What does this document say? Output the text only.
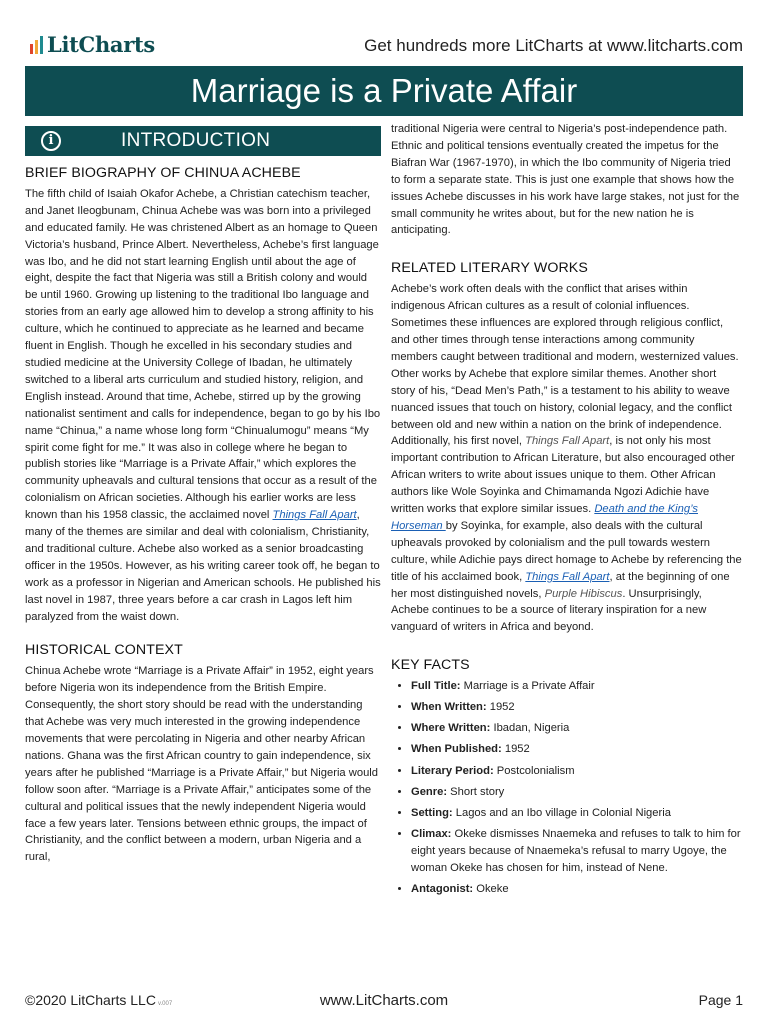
LitCharts	Get hundreds more LitCharts at www.litcharts.com
Marriage is a Private Affair
i	INTRODUCTION
BRIEF BIOGRAPHY OF CHINUA ACHEBE

The fifth child of Isaiah Okafor Achebe, a Christian catechism teacher, and Janet Ileogbunam, Chinua Achebe was was born into a privileged and educated family. He was christened Albert as an homage to Queen Victoria’s husband, Prince Albert. Nevertheless, Achebe’s first language was Ibo, and he did not start learning English until about the age of eight, despite the fact that Nigeria was still a British colony and would be until 1960. Growing up listening to the traditional Ibo language and stories from an early age allowed him to develop a strong affinity to his culture, which he continued to appreciate as he learned and became fluent in English. Though he excelled in his secondary studies and studied medicine at the University College of Ibadan, he ultimately switched to a liberal arts curriculum and studied history, religion, and English instead. Around that time, Achebe, stirred up by the growing nationalist sentiment and calls for independence, began to go by his Ibo name “Chinua,” a name whose long form “Chinualumogu” means “My spirit come fight for me.” It was also in college where he began to publish stories like “Marriage is a Private Affair,” which explores the community upheavals and cultural tensions that occur as a result of the colonialism on African societies. Although his earlier works are less known than his 1958 classic, the acclaimed novel Things Fall Apart, many of the themes are similar and deal with colonialism, Christianity, and traditional culture. Achebe also worked as a senior broadcasting officer in the 1950s. However, as his writing career took off, he began to work as a professor in Nigerian and American schools. He published his last novel in 1987, three years before a car crash in Lagos left him paralyzed from the waist down.

HISTORICAL CONTEXT

Chinua Achebe wrote “Marriage is a Private Affair” in 1952, eight years before Nigeria won its independence from the British Empire. Consequently, the short story should be read with the understanding that Achebe was very much interested in the growing independence movements that were percolating in Nigeria and other nearby African nations. Ghana was the first African country to gain independence, six years after he published “Marriage is a Private Affair,” but Nigeria would follow soon after. “Marriage is a Private Affair,” anticipates some of the cultural and political issues that the newly independent Nigeria would face a few years later. Tensions between ethnic groups, the impact of Christianity, and the conflict between a modern, urban Nigeria and a rural,

traditional Nigeria were central to Nigeria’s post-independence path. Ethnic and political tensions eventually created the impetus for the Biafran War (1967-1970), in which the Ibo community of Nigeria tried to form a separate state. This is just one example that shows how the issues Achebe discusses in his work have large stakes, not just for the small community he writes about, but for the new nation he is anticipating.

RELATED LITERARY WORKS

Achebe’s work often deals with the conflict that arises within indigenous African cultures as a result of colonial influences. Sometimes these influences are explored through religious conflict, and other times through tense interactions among community members caught between traditional and modern, westernized values. Other works by Achebe that explore similar themes. Another short story of his, “Dead Men’s Path,” is a testament to his ability to weave nuanced issues that touch on history, colonial legacy, and the conflict between old and new within a nation on the brink of independence. Additionally, his first novel, Things Fall Apart, is not only his most important contribution to African Literature, but also encouraged other African writers to write about issues unique to them. Other African authors like Wole Soyinka and Chimamanda Ngozi Adichie have written works that explore similar issues. Death and the King’s Horseman by Soyinka, for example, also deals with the cultural upheavals provoked by colonialism and the pull towards western culture, while Adichie pays direct homage to Achebe by referencing the title of his acclaimed book, Things Fall Apart, at the beginning of one her most distinguished novels, Purple Hibiscus. Unsurprisingly, Achebe continues to be a source of literary inspiration for a new vanguard of writers in Africa and beyond.

KEY FACTS
• Full Title: Marriage is a Private Affair
• When Written: 1952
• Where Written: Ibadan, Nigeria
• When Published: 1952
• Literary Period: Postcolonialism
• Genre: Short story
• Setting: Lagos and an Ibo village in Colonial Nigeria
• Climax: Okeke dismisses Nnaemeka and refuses to talk to him for eight years because of Nnaemeka’s refusal to marry Ugoye, the woman Okeke has chosen for him, instead of Nene.
• Antagonist: Okeke
©2020 LitCharts LLC v.007	www.LitCharts.com	Page 1
